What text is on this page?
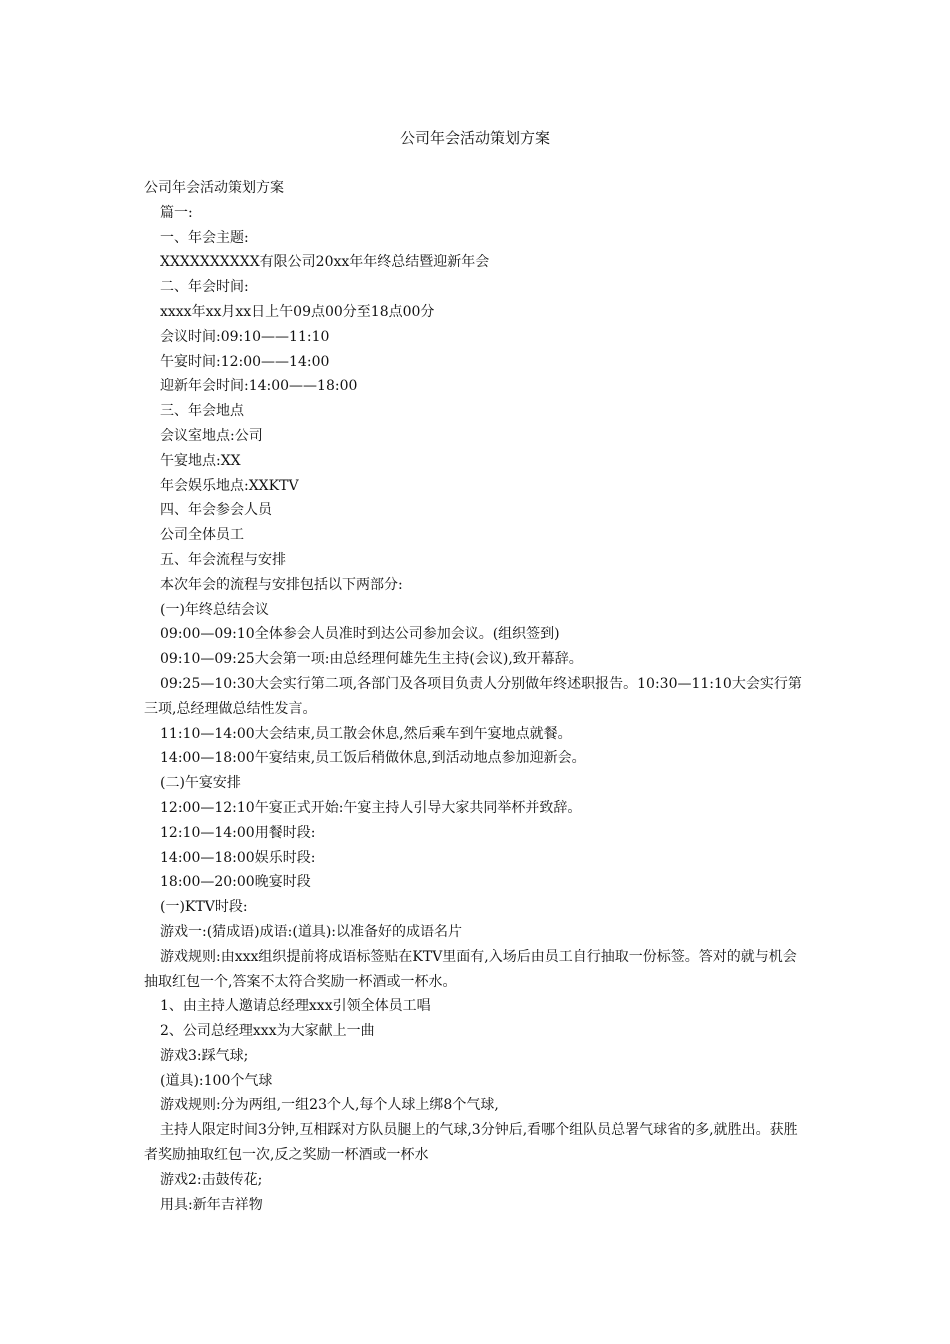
公司年会活动策划方案

公司年会活动策划方案

篇一:

一、年会主题:

XXXXXXXXXX有限公司20xx年年终总结暨迎新年会

二、年会时间:

xxxx年xx月xx日上午09点00分至18点00分

会议时间:09:10——11:10

午宴时间:12:00——14:00

迎新年会时间:14:00——18:00

三、年会地点

会议室地点:公司

午宴地点:XX

年会娱乐地点:XXKTV

四、年会参会人员

公司全体员工

五、年会流程与安排

本次年会的流程与安排包括以下两部分:

(一)年终总结会议

09:00—09:10全体参会人员准时到达公司参加会议。(组织签到)

09:10—09:25大会第一项:由总经理何雄先生主持(会议),致开幕辞。

09:25—10:30大会实行第二项,各部门及各项目负责人分别做年终述职报告。10:30—11:10大会实行第三项,总经理做总结性发言。

11:10—14:00大会结束,员工散会休息,然后乘车到午宴地点就餐。

14:00—18:00午宴结束,员工饭后稍做休息,到活动地点参加迎新会。

(二)午宴安排

12:00—12:10午宴正式开始:午宴主持人引导大家共同举杯并致辞。

12:10—14:00用餐时段:

14:00—18:00娱乐时段:

18:00—20:00晚宴时段

(一)KTV时段:

游戏一:(猜成语)成语:(道具):以准备好的成语名片

游戏规则:由xxx组织提前将成语标签贴在KTV里面有,入场后由员工自行抽取一份标签。答对的就与机会抽取红包一个,答案不太符合奖励一杯酒或一杯水。

1、由主持人邀请总经理xxx引领全体员工唱

2、公司总经理xxx为大家献上一曲

游戏3:踩气球;

(道具):100个气球

游戏规则:分为两组,一组23个人,每个人球上绑8个气球,

主持人限定时间3分钟,互相踩对方队员腿上的气球,3分钟后,看哪个组队员总署气球省的多,就胜出。获胜者奖励抽取红包一次,反之奖励一杯酒或一杯水

游戏2:击鼓传花;

用具:新年吉祥物
